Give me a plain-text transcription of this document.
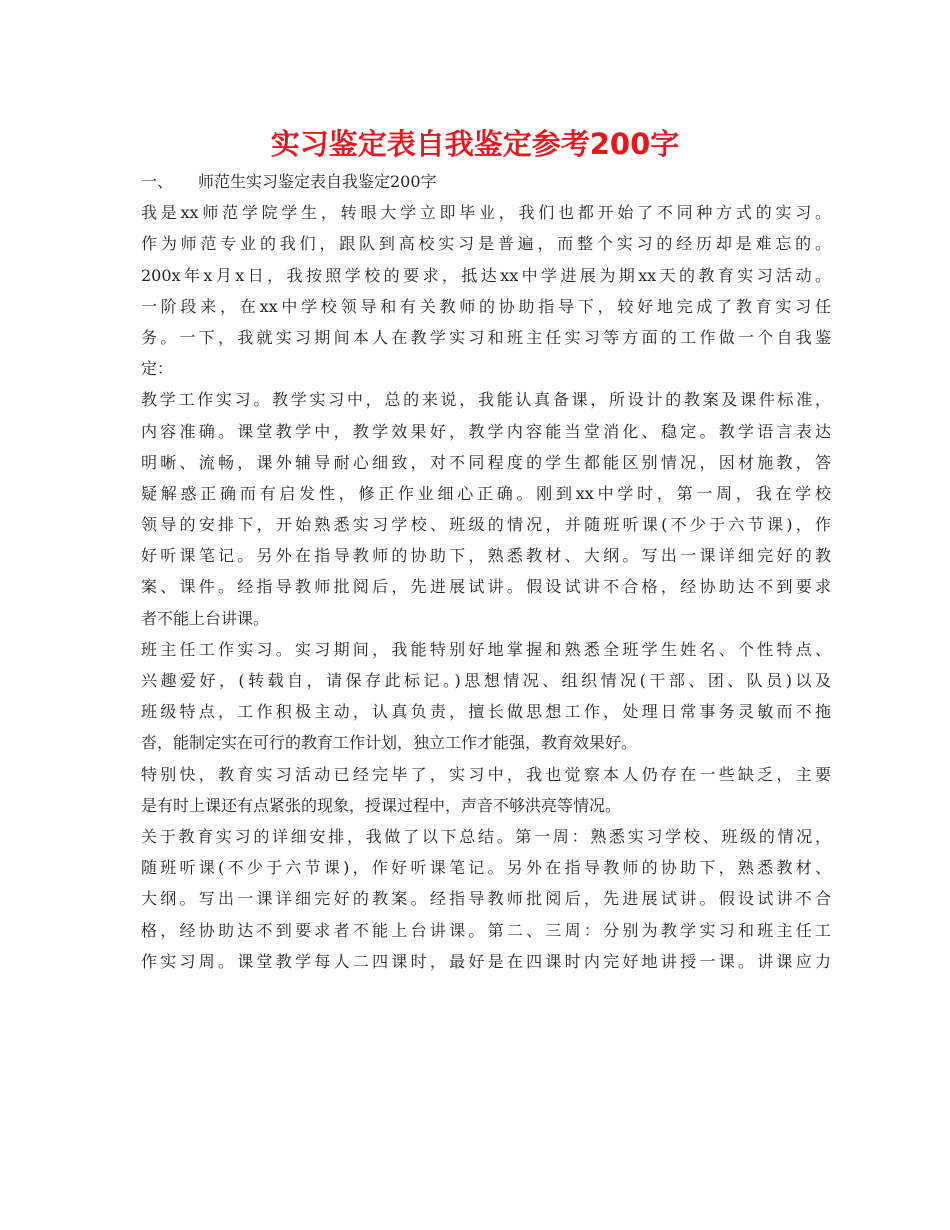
实习鉴定表自我鉴定参考200字
一、 师范生实习鉴定表自我鉴定200字
我是xx师范学院学生，转眼大学立即毕业，我们也都开始了不同种方式的实习。
作为师范专业的我们，跟队到高校实习是普遍，而整个实习的经历却是难忘的。
200x年x月x日，我按照学校的要求，抵达xx中学进展为期xx天的教育实习活动。
一阶段来，在xx中学校领导和有关教师的协助指导下，较好地完成了教育实习任
务。一下，我就实习期间本人在教学实习和班主任实习等方面的工作做一个自我鉴
定：
教学工作实习。教学实习中，总的来说，我能认真备课，所设计的教案及课件标准，
内容准确。课堂教学中，教学效果好，教学内容能当堂消化、稳定。教学语言表达
明晰、流畅，课外辅导耐心细致，对不同程度的学生都能区别情况，因材施教，答
疑解惑正确而有启发性，修正作业细心正确。刚到xx中学时，第一周，我在学校
领导的安排下，开始熟悉实习学校、班级的情况，并随班听课(不少于六节课)，作
好听课笔记。另外在指导教师的协助下，熟悉教材、大纲。写出一课详细完好的教
案、课件。经指导教师批阅后，先进展试讲。假设试讲不合格，经协助达不到要求
者不能上台讲课。
班主任工作实习。实习期间，我能特别好地掌握和熟悉全班学生姓名、个性特点、
兴趣爱好，(转载自，请保存此标记。)思想情况、组织情况(干部、团、队员)以及
班级特点，工作积极主动，认真负责，擅长做思想工作，处理日常事务灵敏而不拖
沓，能制定实在可行的教育工作计划，独立工作才能强，教育效果好。
特别快，教育实习活动已经完毕了，实习中，我也觉察本人仍存在一些缺乏，主要
是有时上课还有点紧张的现象，授课过程中，声音不够洪亮等情况。
关于教育实习的详细安排，我做了以下总结。第一周：熟悉实习学校、班级的情况，
随班听课(不少于六节课)，作好听课笔记。另外在指导教师的协助下，熟悉教材、
大纲。写出一课详细完好的教案。经指导教师批阅后，先进展试讲。假设试讲不合
格，经协助达不到要求者不能上台讲课。第二、三周：分别为教学实习和班主任工
作实习周。课堂教学每人二四课时，最好是在四课时内完好地讲授一课。讲课应力
